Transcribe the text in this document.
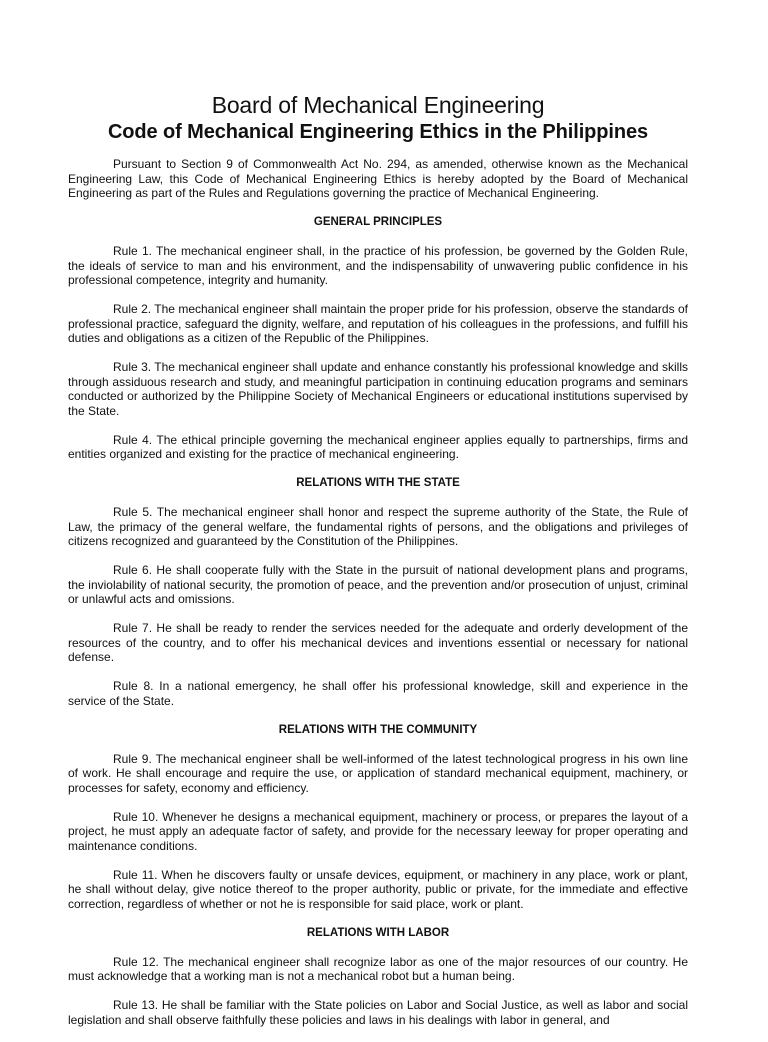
Board of Mechanical Engineering
Code of Mechanical Engineering Ethics in the Philippines

Pursuant to Section 9 of Commonwealth Act No. 294, as amended, otherwise known as the Mechanical Engineering Law, this Code of Mechanical Engineering Ethics is hereby adopted by the Board of Mechanical Engineering as part of the Rules and Regulations governing the practice of Mechanical Engineering.

GENERAL PRINCIPLES

Rule 1. The mechanical engineer shall, in the practice of his profession, be governed by the Golden Rule, the ideals of service to man and his environment, and the indispensability of unwavering public confidence in his professional competence, integrity and humanity.

Rule 2. The mechanical engineer shall maintain the proper pride for his profession, observe the standards of professional practice, safeguard the dignity, welfare, and reputation of his colleagues in the professions, and fulfill his duties and obligations as a citizen of the Republic of the Philippines.

Rule 3. The mechanical engineer shall update and enhance constantly his professional knowledge and skills through assiduous research and study, and meaningful participation in continuing education programs and seminars conducted or authorized by the Philippine Society of Mechanical Engineers or educational institutions supervised by the State.

Rule 4. The ethical principle governing the mechanical engineer applies equally to partnerships, firms and entities organized and existing for the practice of mechanical engineering.

RELATIONS WITH THE STATE

Rule 5. The mechanical engineer shall honor and respect the supreme authority of the State, the Rule of Law, the primacy of the general welfare, the fundamental rights of persons, and the obligations and privileges of citizens recognized and guaranteed by the Constitution of the Philippines.

Rule 6. He shall cooperate fully with the State in the pursuit of national development plans and programs, the inviolability of national security, the promotion of peace, and the prevention and/or prosecution of unjust, criminal or unlawful acts and omissions.

Rule 7. He shall be ready to render the services needed for the adequate and orderly development of the resources of the country, and to offer his mechanical devices and inventions essential or necessary for national defense.

Rule 8. In a national emergency, he shall offer his professional knowledge, skill and experience in the service of the State.

RELATIONS WITH THE COMMUNITY

Rule 9. The mechanical engineer shall be well-informed of the latest technological progress in his own line of work. He shall encourage and require the use, or application of standard mechanical equipment, machinery, or processes for safety, economy and efficiency.

Rule 10. Whenever he designs a mechanical equipment, machinery or process, or prepares the layout of a project, he must apply an adequate factor of safety, and provide for the necessary leeway for proper operating and maintenance conditions.

Rule 11. When he discovers faulty or unsafe devices, equipment, or machinery in any place, work or plant, he shall without delay, give notice thereof to the proper authority, public or private, for the immediate and effective correction, regardless of whether or not he is responsible for said place, work or plant.

RELATIONS WITH LABOR

Rule 12. The mechanical engineer shall recognize labor as one of the major resources of our country. He must acknowledge that a working man is not a mechanical robot but a human being.

Rule 13. He shall be familiar with the State policies on Labor and Social Justice, as well as labor and social legislation and shall observe faithfully these policies and laws in his dealings with labor in general, and
